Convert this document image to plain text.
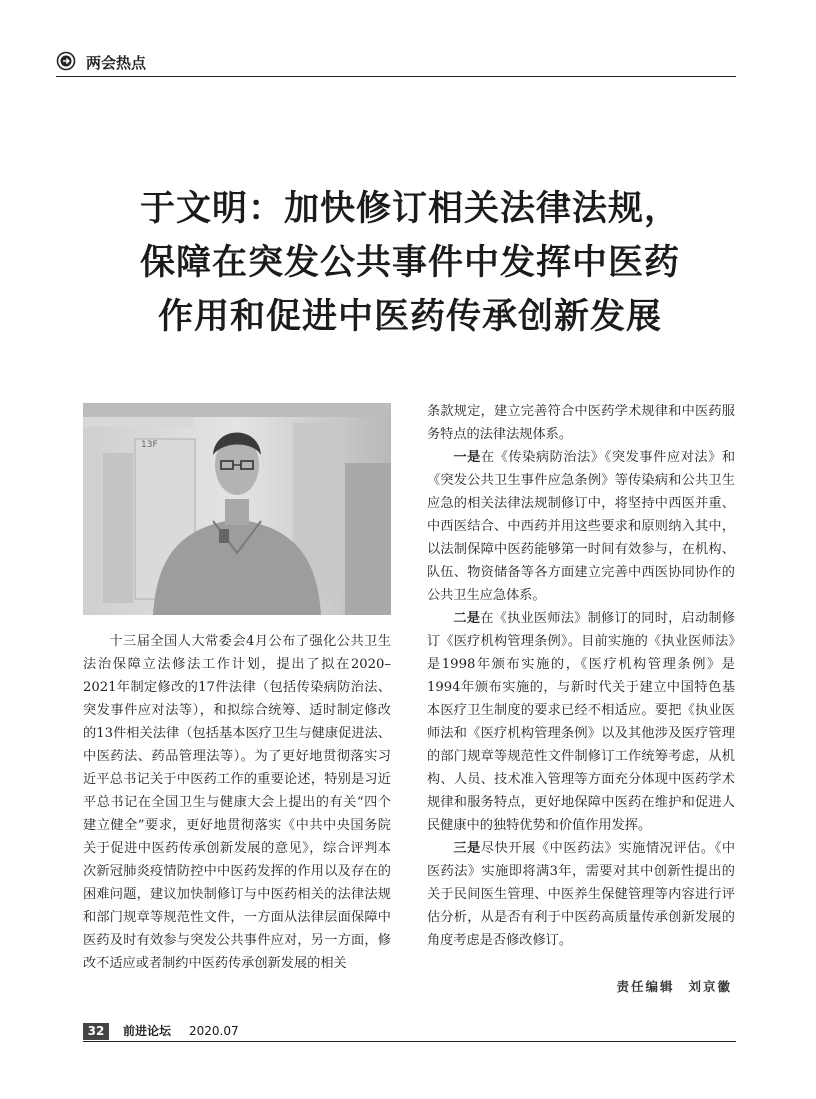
两会热点
于文明：加快修订相关法律法规，
保障在突发公共事件中发挥中医药
作用和促进中医药传承创新发展
13F

十三届全国人大常委会4月公布了强化公共卫生法治保障立法修法工作计划，提出了拟在2020–2021年制定修改的17件法律（包括传染病防治法、突发事件应对法等），和拟综合统筹、适时制定修改的13件相关法律（包括基本医疗卫生与健康促进法、中医药法、药品管理法等）。为了更好地贯彻落实习近平总书记关于中医药工作的重要论述，特别是习近平总书记在全国卫生与健康大会上提出的有关“四个建立健全”要求，更好地贯彻落实《中共中央国务院关于促进中医药传承创新发展的意见》，综合评判本次新冠肺炎疫情防控中中医药发挥的作用以及存在的困难问题，建议加快制修订与中医药相关的法律法规和部门规章等规范性文件，一方面从法律层面保障中医药及时有效参与突发公共事件应对，另一方面，修改不适应或者制约中医药传承创新发展的相关

条款规定，建立完善符合中医药学术规律和中医药服务特点的法律法规体系。

一是在《传染病防治法》《突发事件应对法》和《突发公共卫生事件应急条例》等传染病和公共卫生应急的相关法律法规制修订中，将坚持中西医并重、中西医结合、中西药并用这些要求和原则纳入其中，以法制保障中医药能够第一时间有效参与，在机构、队伍、物资储备等各方面建立完善中西医协同协作的公共卫生应急体系。

二是在《执业医师法》制修订的同时，启动制修订《医疗机构管理条例》。目前实施的《执业医师法》是1998年颁布实施的，《医疗机构管理条例》是1994年颁布实施的，与新时代关于建立中国特色基本医疗卫生制度的要求已经不相适应。要把《执业医师法和《医疗机构管理条例》以及其他涉及医疗管理的部门规章等规范性文件制修订工作统筹考虑，从机构、人员、技术准入管理等方面充分体现中医药学术规律和服务特点，更好地保障中医药在维护和促进人民健康中的独特优势和价值作用发挥。

三是尽快开展《中医药法》实施情况评估。《中医药法》实施即将满3年，需要对其中创新性提出的关于民间医生管理、中医养生保健管理等内容进行评估分析，从是否有利于中医药高质量传承创新发展的角度考虑是否修改修订。

责任编辑 刘京徽
32	前进论坛 2020.07
